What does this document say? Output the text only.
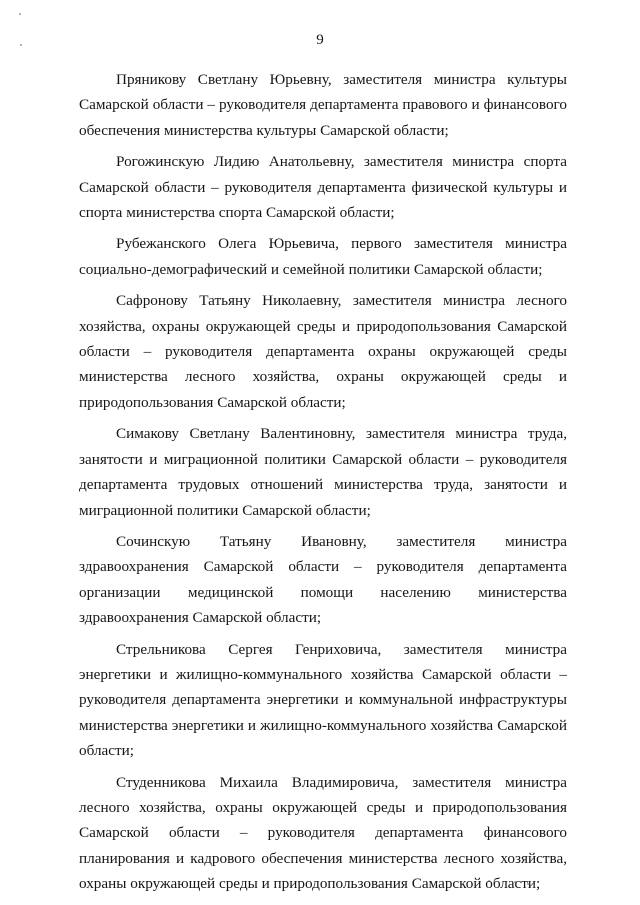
9

Пряникову Светлану Юрьевну, заместителя министра культуры Самарской области – руководителя департамента правового и финансового обеспечения министерства культуры Самарской области;

Рогожинскую Лидию Анатольевну, заместителя министра спорта Самарской области – руководителя департамента физической культуры и спорта министерства спорта Самарской области;

Рубежанского Олега Юрьевича, первого заместителя министра социально-демографический и семейной политики Самарской области;

Сафронову Татьяну Николаевну, заместителя министра лесного хозяйства, охраны окружающей среды и природопользования Самарской области – руководителя департамента охраны окружающей среды министерства лесного хозяйства, охраны окружающей среды и природопользования Самарской области;

Симакову Светлану Валентиновну, заместителя министра труда, занятости и миграционной политики Самарской области – руководителя департамента трудовых отношений министерства труда, занятости и миграционной политики Самарской области;

Сочинскую Татьяну Ивановну, заместителя министра здравоохранения Самарской области – руководителя департамента организации медицинской помощи населению министерства здравоохранения Самарской области;

Стрельникова Сергея Генриховича, заместителя министра энергетики и жилищно-коммунального хозяйства Самарской области – руководителя департамента энергетики и коммунальной инфраструктуры министерства энергетики и жилищно-коммунального хозяйства Самарской области;

Студенникова Михаила Владимировича, заместителя министра лесного хозяйства, охраны окружающей среды и природопользования Самарской области – руководителя департамента финансового планирования и кадрового обеспечения министерства лесного хозяйства, охраны окружающей среды и природопользования Самарской области;
